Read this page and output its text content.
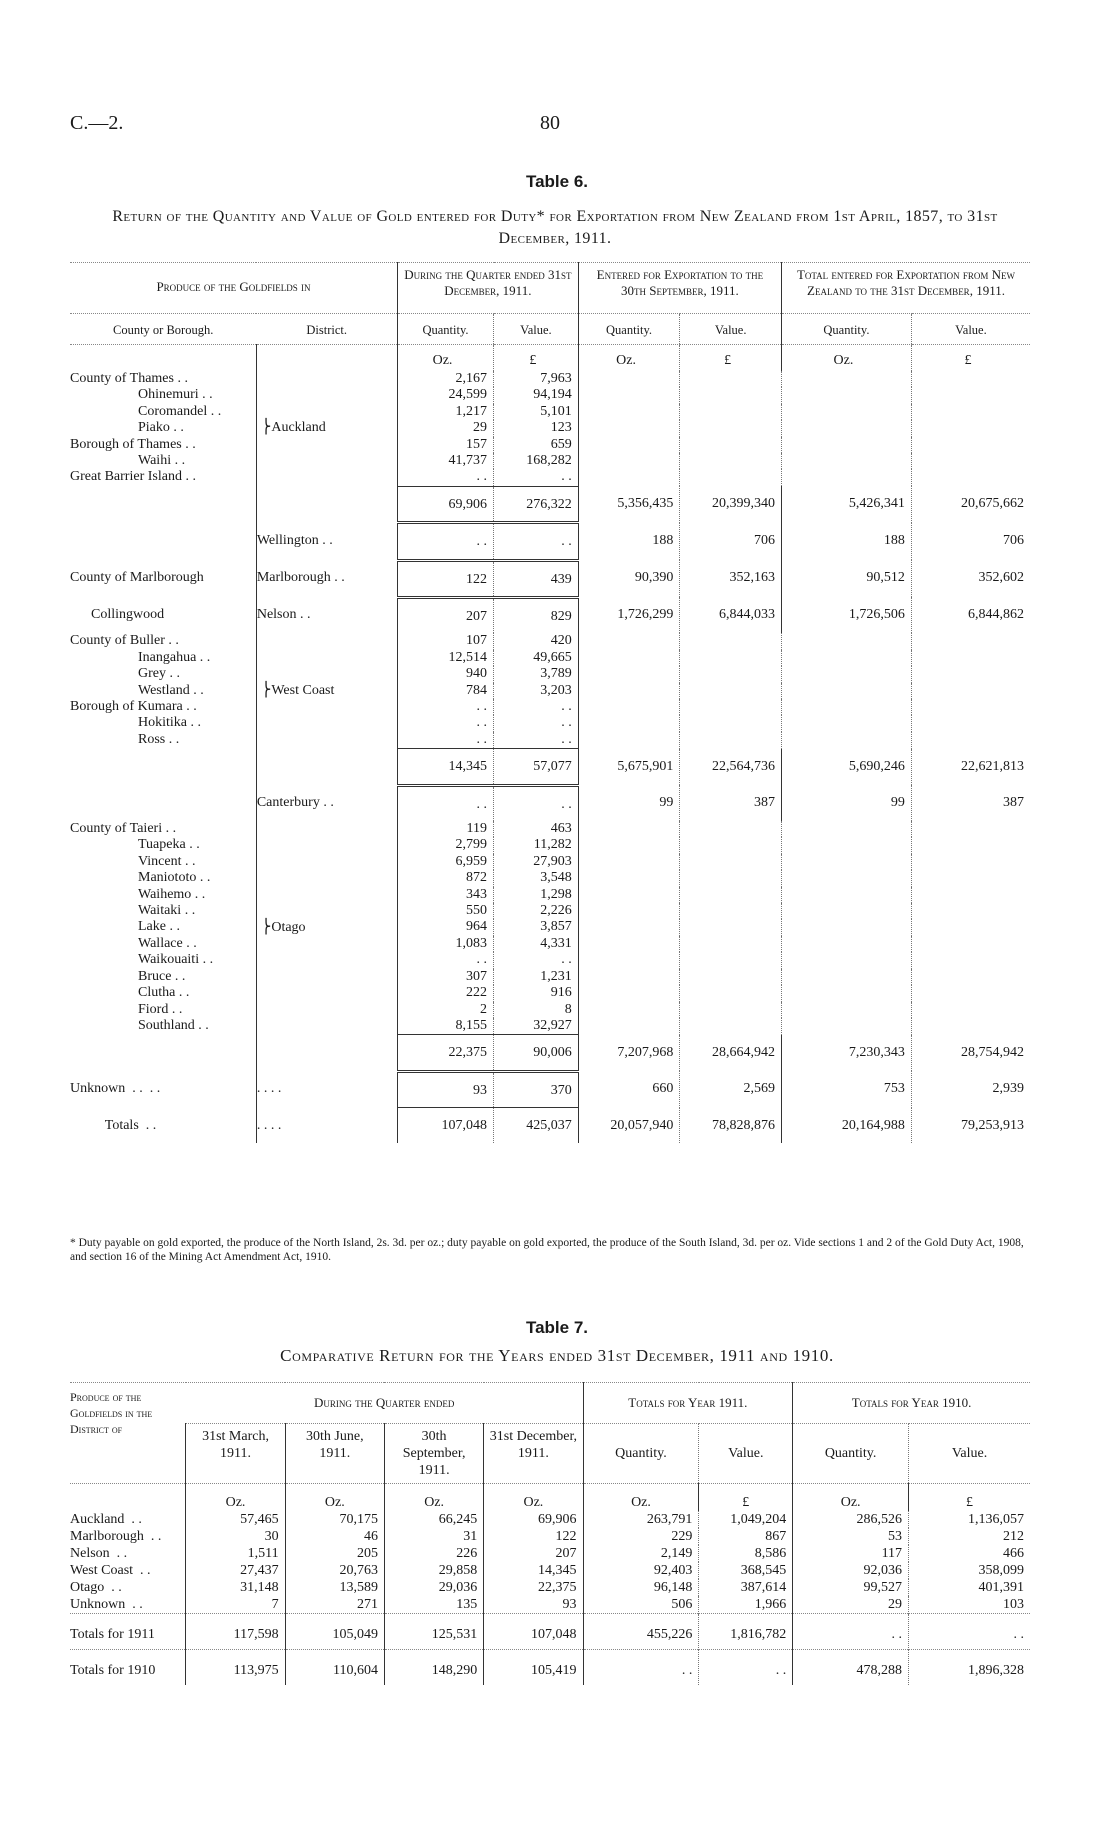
C.—2.	80
Table 6.
Return of the Quantity and Value of Gold entered for Duty* for Exportation from New Zealand from 1st April, 1857, to 31st December, 1911.
Produce of the Goldfields in		During the Quarter ended 31st December, 1911.		Entered for Exportation to the 30th September, 1911.		Total entered for Exportation from New Zealand to the 31st December, 1911.	
County or Borough.	District.	Quantity.	Value.	Quantity.	Value.	Quantity.	Value.
		Oz.	£	Oz.	£	Oz.	£
County of Thames . .	⎬Auckland	2,167	7,963				
Ohinemuri . .		24,599	94,194				
Coromandel . .		1,217	5,101				
Piako . .		29	123				
Borough of Thames . .		157	659				
Waihi . .		41,737	168,282				
Great Barrier Island . .		. .	. .				
		69,906	276,322	5,356,435	20,399,340	5,426,341	20,675,662
	Wellington . .	. .	. .	188	706	188	706
County of Marlborough	Marlborough . .	122	439	90,390	352,163	90,512	352,602
Collingwood	Nelson . .	207	829	1,726,299	6,844,033	1,726,506	6,844,862
County of Buller . .	⎬West Coast	107	420				
Inangahua . .		12,514	49,665				
Grey . .		940	3,789				
Westland . .		784	3,203				
Borough of Kumara . .		. .	. .				
Hokitika . .		. .	. .				
Ross . .		. .	. .				
		14,345	57,077	5,675,901	22,564,736	5,690,246	22,621,813
	Canterbury . .	. .	. .	99	387	99	387
County of Taieri . .	⎬Otago	119	463				
Tuapeka . .		2,799	11,282				
Vincent . .		6,959	27,903				
Maniototo . .		872	3,548				
Waihemo . .		343	1,298				
Waitaki . .		550	2,226				
Lake . .		964	3,857				
Wallace . .		1,083	4,331				
Waikouaiti . .		. .	. .				
Bruce . .		307	1,231				
Clutha . .		222	916				
Fiord . .		2	8				
Southland . .		8,155	32,927				
		22,375	90,006	7,207,968	28,664,942	7,230,343	28,754,942
Unknown  . .  . .	. . . .	93	370	660	2,569	753	2,939
Totals  . .	. . . .	107,048	425,037	20,057,940	78,828,876	20,164,988	79,253,913
* Duty payable on gold exported, the produce of the North Island, 2s. 3d. per oz.; duty payable on gold exported, the produce of the South Island, 3d. per oz. Vide sections 1 and 2 of the Gold Duty Act, 1908, and section 16 of the Mining Act Amendment Act, 1910.
Table 7.
Comparative Return for the Years ended 31st December, 1911 and 1910.
Produce of the Goldfields in the District of	During the Quarter ended				Totals for Year 1911.		Totals for Year 1910.	
	31st March, 1911.	30th June, 1911.	30th September, 1911.	31st December, 1911.	Quantity.	Value.	Quantity.	Value.
	Oz.	Oz.	Oz.	Oz.	Oz.	£	Oz.	£
Auckland  . .	57,465	70,175	66,245	69,906	263,791	1,049,204	286,526	1,136,057
Marlborough  . .	30	46	31	122	229	867	53	212
Nelson  . .	1,511	205	226	207	2,149	8,586	117	466
West Coast  . .	27,437	20,763	29,858	14,345	92,403	368,545	92,036	358,099
Otago  . .	31,148	13,589	29,036	22,375	96,148	387,614	99,527	401,391
Unknown  . .	7	271	135	93	506	1,966	29	103
Totals for 1911	117,598	105,049	125,531	107,048	455,226	1,816,782	. .	. .
Totals for 1910	113,975	110,604	148,290	105,419	. .	. .	478,288	1,896,328
